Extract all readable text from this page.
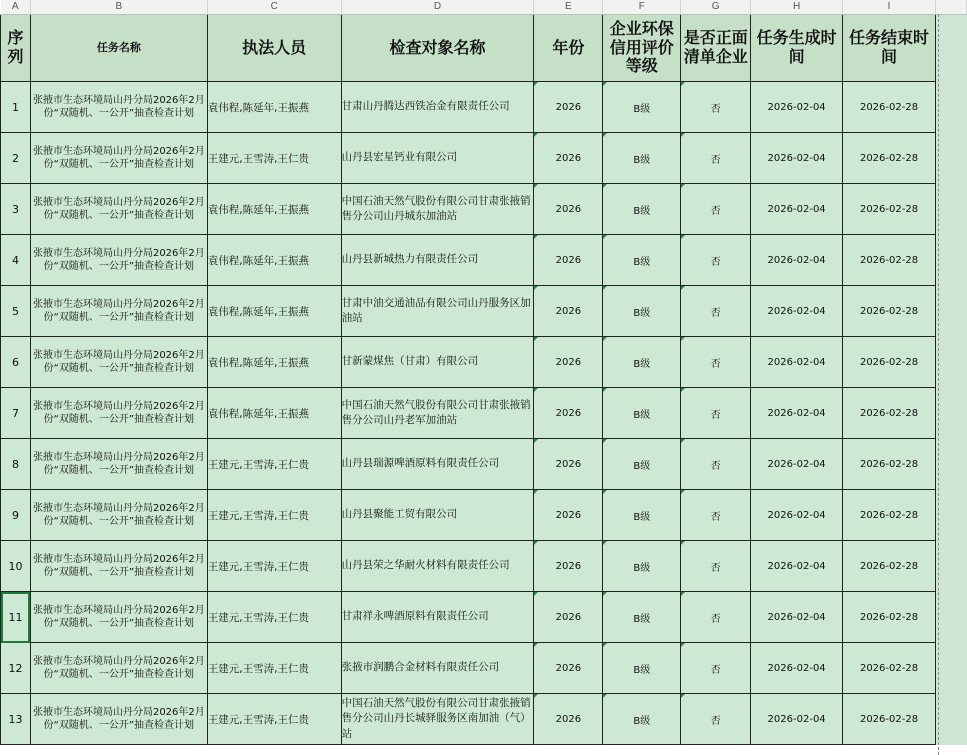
A	B	C	D	E	F	G	H	I	
序列	任务名称	执法人员	检查对象名称	年份	企业环保信用评价等级	是否正面清单企业	任务生成时间	任务结束时间	
1	张掖市生态环境局山丹分局2026年2月份“双随机、一公开”抽查检查计划	袁伟程,陈延年,王振燕	甘肃山丹腾达西铁冶金有限责任公司	2026	B级	否	2026-02-04	2026-02-28	
2	张掖市生态环境局山丹分局2026年2月份“双随机、一公开”抽查检查计划	王建元,王雪涛,王仁贵	山丹县宏星钙业有限公司	2026	B级	否	2026-02-04	2026-02-28	
3	张掖市生态环境局山丹分局2026年2月份“双随机、一公开”抽查检查计划	袁伟程,陈延年,王振燕	中国石油天然气股份有限公司甘肃张掖销售分公司山丹城东加油站	2026	B级	否	2026-02-04	2026-02-28	
4	张掖市生态环境局山丹分局2026年2月份“双随机、一公开”抽查检查计划	袁伟程,陈延年,王振燕	山丹县新城热力有限责任公司	2026	B级	否	2026-02-04	2026-02-28	
5	张掖市生态环境局山丹分局2026年2月份“双随机、一公开”抽查检查计划	袁伟程,陈延年,王振燕	甘肃中油交通油品有限公司山丹服务区加油站	2026	B级	否	2026-02-04	2026-02-28	
6	张掖市生态环境局山丹分局2026年2月份“双随机、一公开”抽查检查计划	袁伟程,陈延年,王振燕	甘新蒙煤焦（甘肃）有限公司	2026	B级	否	2026-02-04	2026-02-28	
7	张掖市生态环境局山丹分局2026年2月份“双随机、一公开”抽查检查计划	袁伟程,陈延年,王振燕	中国石油天然气股份有限公司甘肃张掖销售分公司山丹老军加油站	2026	B级	否	2026-02-04	2026-02-28	
8	张掖市生态环境局山丹分局2026年2月份“双随机、一公开”抽查检查计划	王建元,王雪涛,王仁贵	山丹县瑞源啤酒原料有限责任公司	2026	B级	否	2026-02-04	2026-02-28	
9	张掖市生态环境局山丹分局2026年2月份“双随机、一公开”抽查检查计划	王建元,王雪涛,王仁贵	山丹县聚能工贸有限公司	2026	B级	否	2026-02-04	2026-02-28	
10	张掖市生态环境局山丹分局2026年2月份“双随机、一公开”抽查检查计划	王建元,王雪涛,王仁贵	山丹县荣之华耐火材料有限责任公司	2026	B级	否	2026-02-04	2026-02-28	
11	张掖市生态环境局山丹分局2026年2月份“双随机、一公开”抽查检查计划	王建元,王雪涛,王仁贵	甘肃祥永啤酒原料有限责任公司	2026	B级	否	2026-02-04	2026-02-28	
12	张掖市生态环境局山丹分局2026年2月份“双随机、一公开”抽查检查计划	王建元,王雪涛,王仁贵	张掖市润鹏合金材料有限责任公司	2026	B级	否	2026-02-04	2026-02-28	
13	张掖市生态环境局山丹分局2026年2月份“双随机、一公开”抽查检查计划	王建元,王雪涛,王仁贵	中国石油天然气股份有限公司甘肃张掖销售分公司山丹长城驿服务区南加油（气）站	2026	B级	否	2026-02-04	2026-02-28	
